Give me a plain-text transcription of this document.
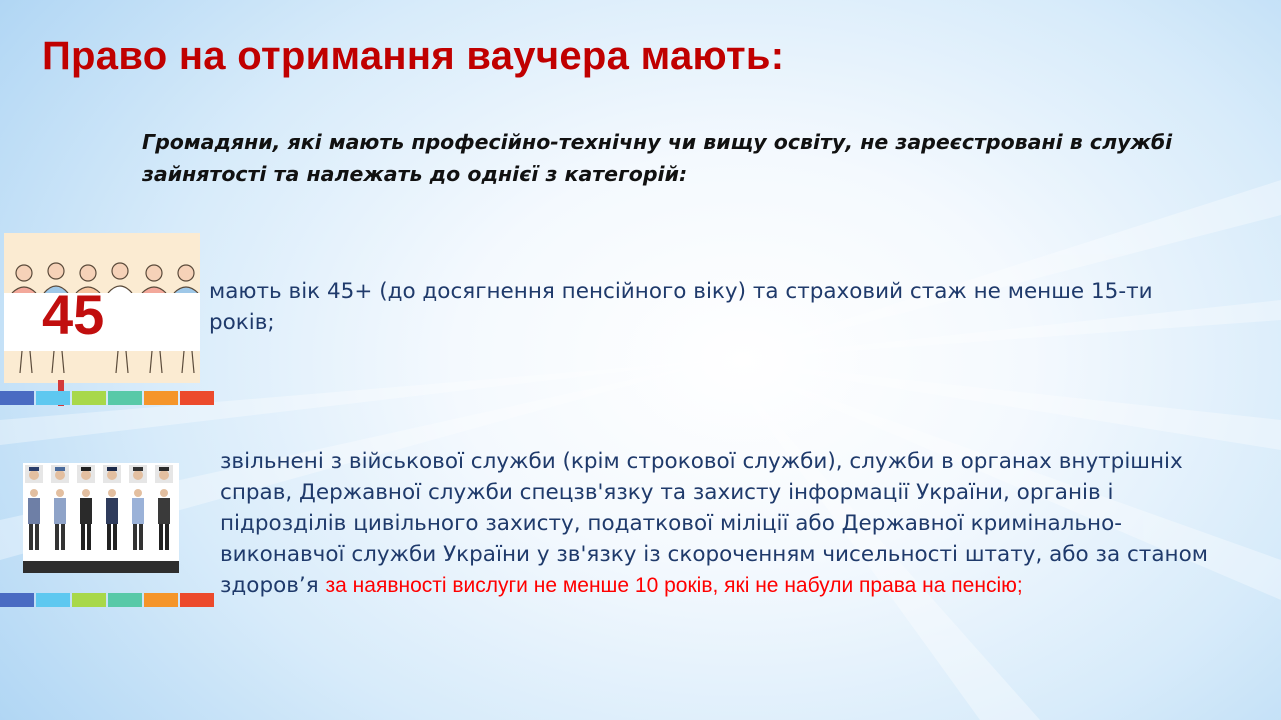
Право на отримання ваучера мають:

Громадяни, які мають професійно-технічну чи вищу освіту, не зареєстровані в службі зайнятості та належать до однієї з категорій:

45	мають вік 45+ (до досягнення пенсійного віку) та страховий стаж не менше 15-ти років;

звільнені з військової служби (крім строкової служби), служби в органах внутрішніх справ, Державної служби спецзв'язку та захисту інформації України, органів і підрозділів цивільного захисту, податкової міліції або Державної кримінально-виконавчої служби України у зв'язку із скороченням чисельності штату, або за станом здоров’я за наявності вислуги не менше 10 років, які не набули права на пенсію;
